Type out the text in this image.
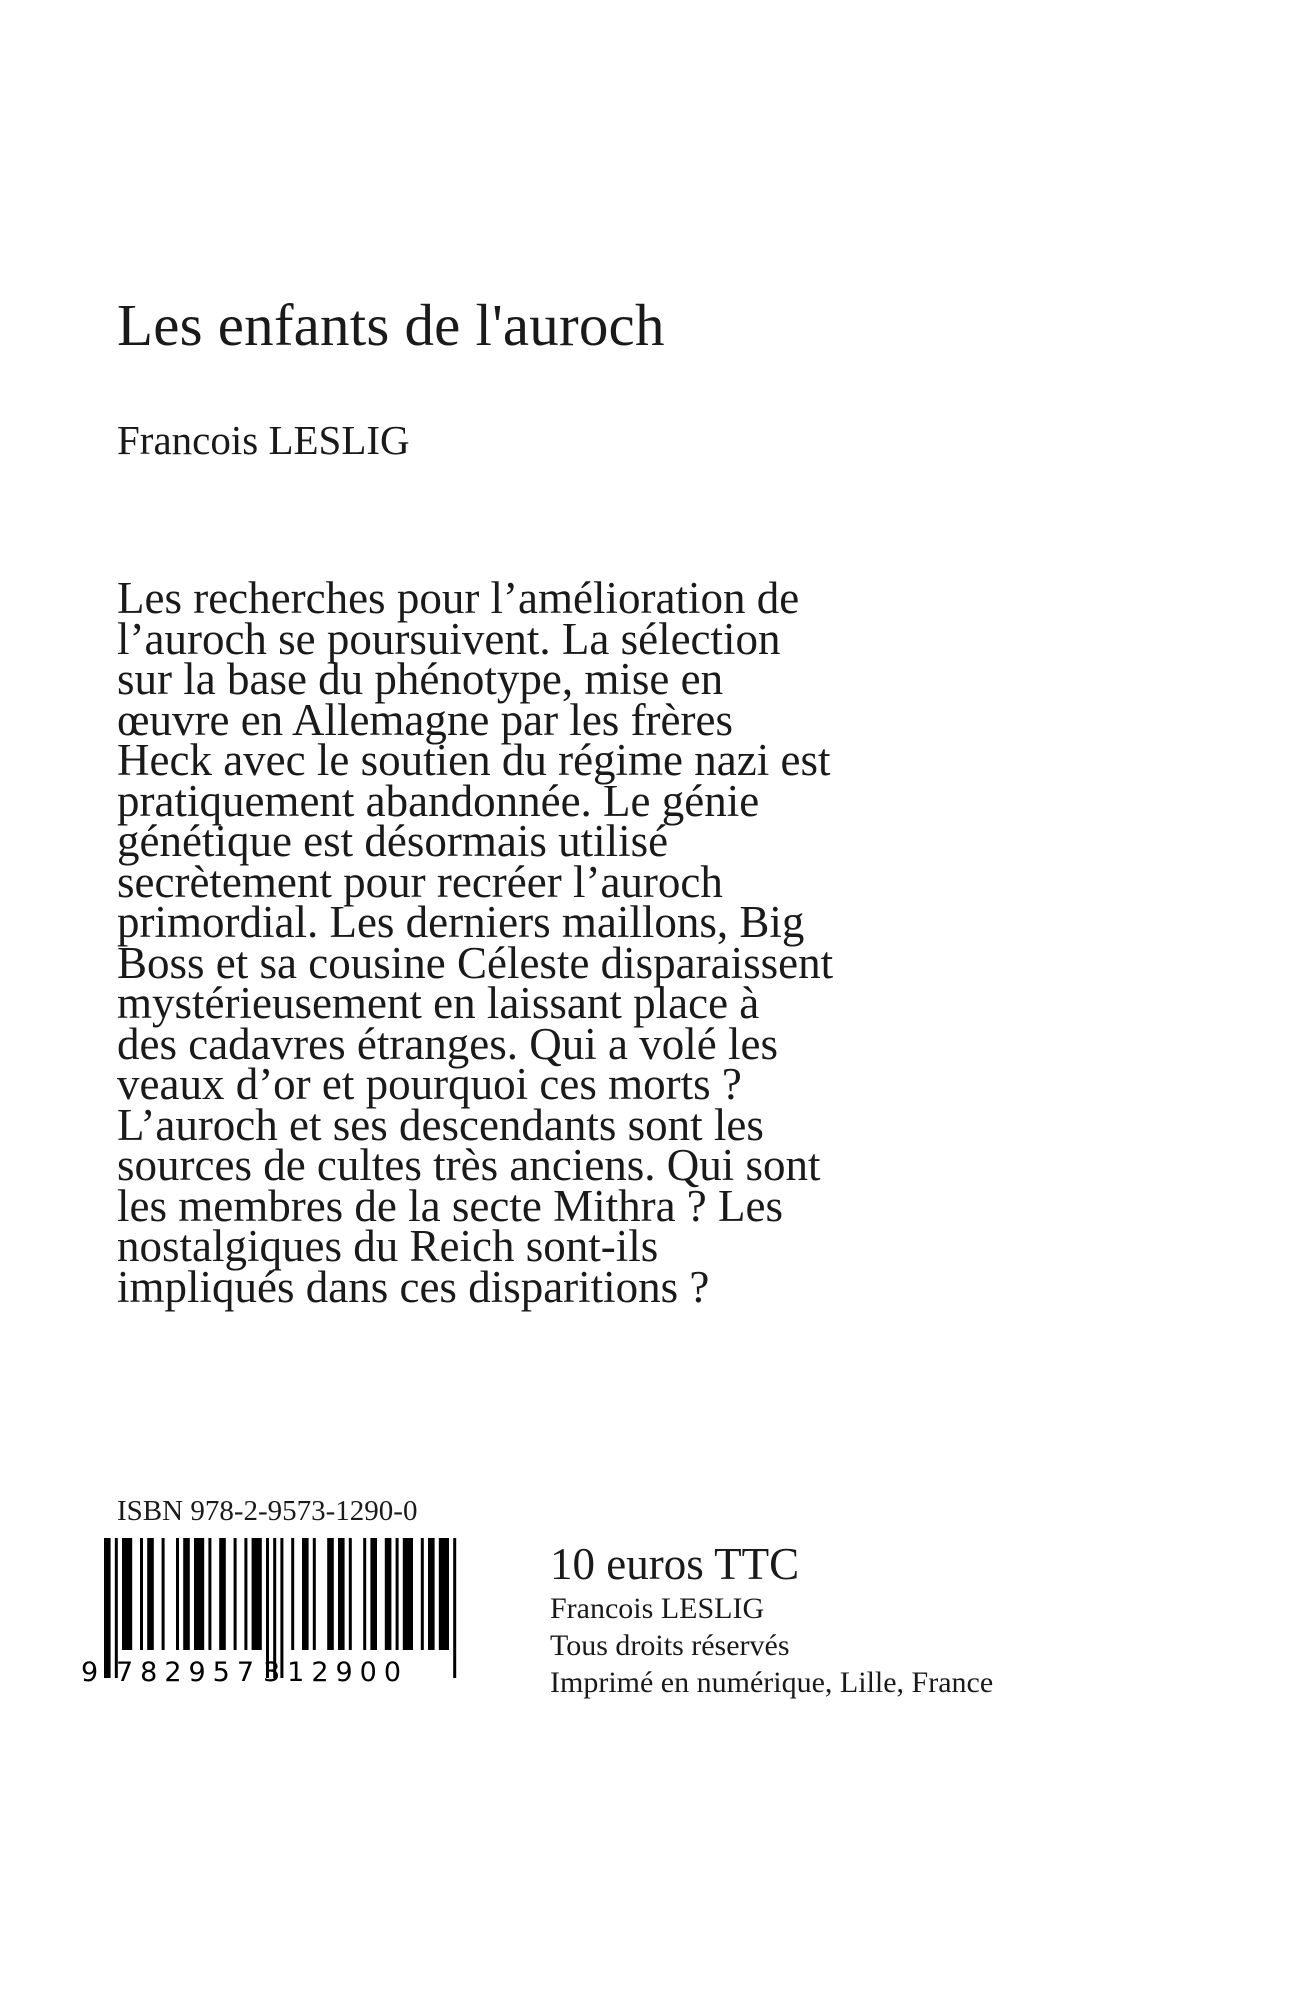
Les enfants de l'auroch
Francois LESLIG
Les recherches pour l’amélioration de
l’auroch se poursuivent. La sélection
sur la base du phénotype, mise en
œuvre en Allemagne par les frères
Heck avec le soutien du régime nazi est
pratiquement abandonnée. Le génie
génétique est désormais utilisé
secrètement pour recréer l’auroch
primordial. Les derniers maillons, Big
Boss et sa cousine Céleste disparaissent
mystérieusement en laissant place à
des cadavres étranges. Qui a volé les
veaux d’or et pourquoi ces morts ?
L’auroch et ses descendants sont les
sources de cultes très anciens. Qui sont
les membres de la secte Mithra ? Les
nostalgiques du Reich sont-ils
impliqués dans ces disparitions ?
ISBN 978-2-9573-1290-0
9 782957 312900
10 euros TTC
Francois LESLIG
Tous droits réservés
Imprimé en numérique, Lille, France
